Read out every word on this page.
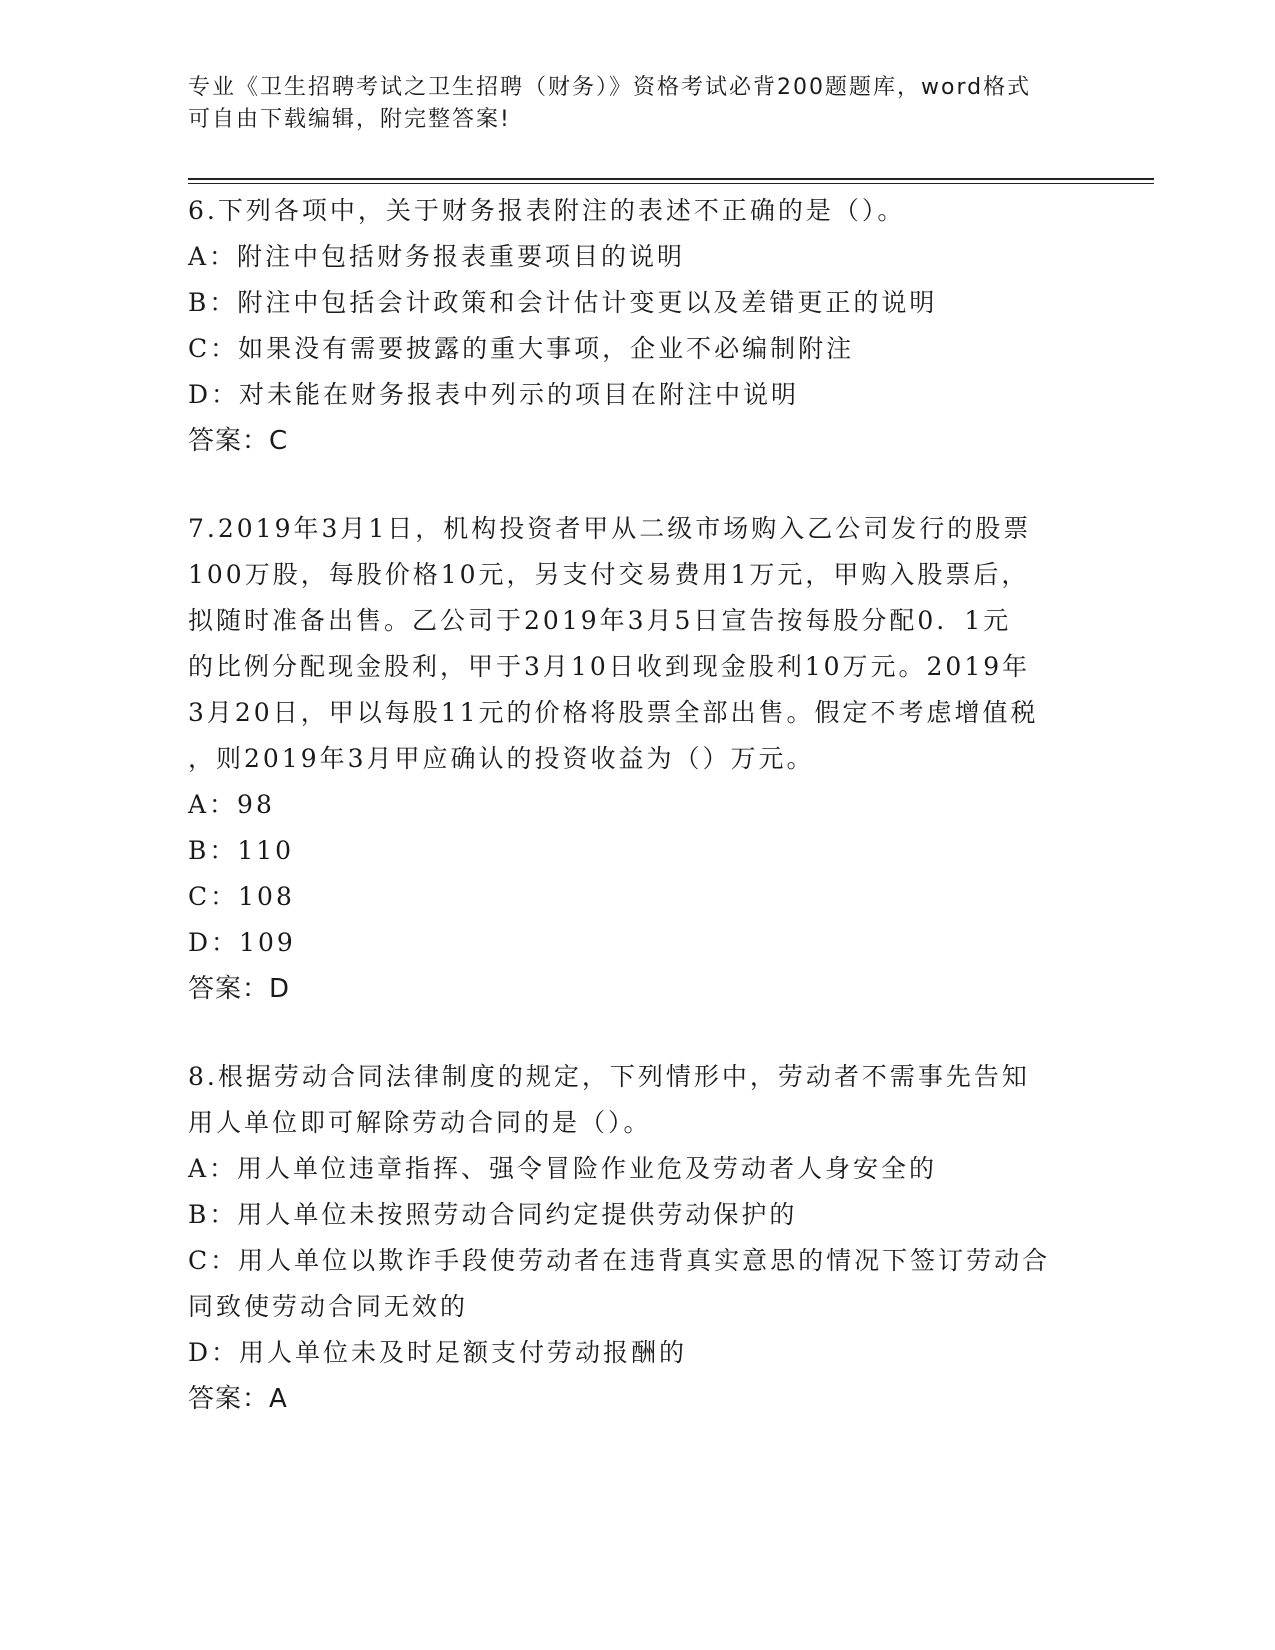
专业《卫生招聘考试之卫生招聘（财务）》资格考试必背200题题库，word格式
可自由下载编辑，附完整答案!
6.下列各项中，关于财务报表附注的表述不正确的是（）。
A：附注中包括财务报表重要项目的说明
B：附注中包括会计政策和会计估计变更以及差错更正的说明
C：如果没有需要披露的重大事项，企业不必编制附注
D：对未能在财务报表中列示的项目在附注中说明
答案：C
7.2019年3月1日，机构投资者甲从二级市场购入乙公司发行的股票
100万股，每股价格10元，另支付交易费用1万元，甲购入股票后，
拟随时准备出售。乙公司于2019年3月5日宣告按每股分配0．1元
的比例分配现金股利，甲于3月10日收到现金股利10万元。2019年
3月20日，甲以每股11元的价格将股票全部出售。假定不考虑增值税
，则2019年3月甲应确认的投资收益为（）万元。
A：98
B：110
C：108
D：109
答案：D
8.根据劳动合同法律制度的规定，下列情形中，劳动者不需事先告知
用人单位即可解除劳动合同的是（）。
A：用人单位违章指挥、强令冒险作业危及劳动者人身安全的
B：用人单位未按照劳动合同约定提供劳动保护的
C：用人单位以欺诈手段使劳动者在违背真实意思的情况下签订劳动合
同致使劳动合同无效的
D：用人单位未及时足额支付劳动报酬的
答案：A
